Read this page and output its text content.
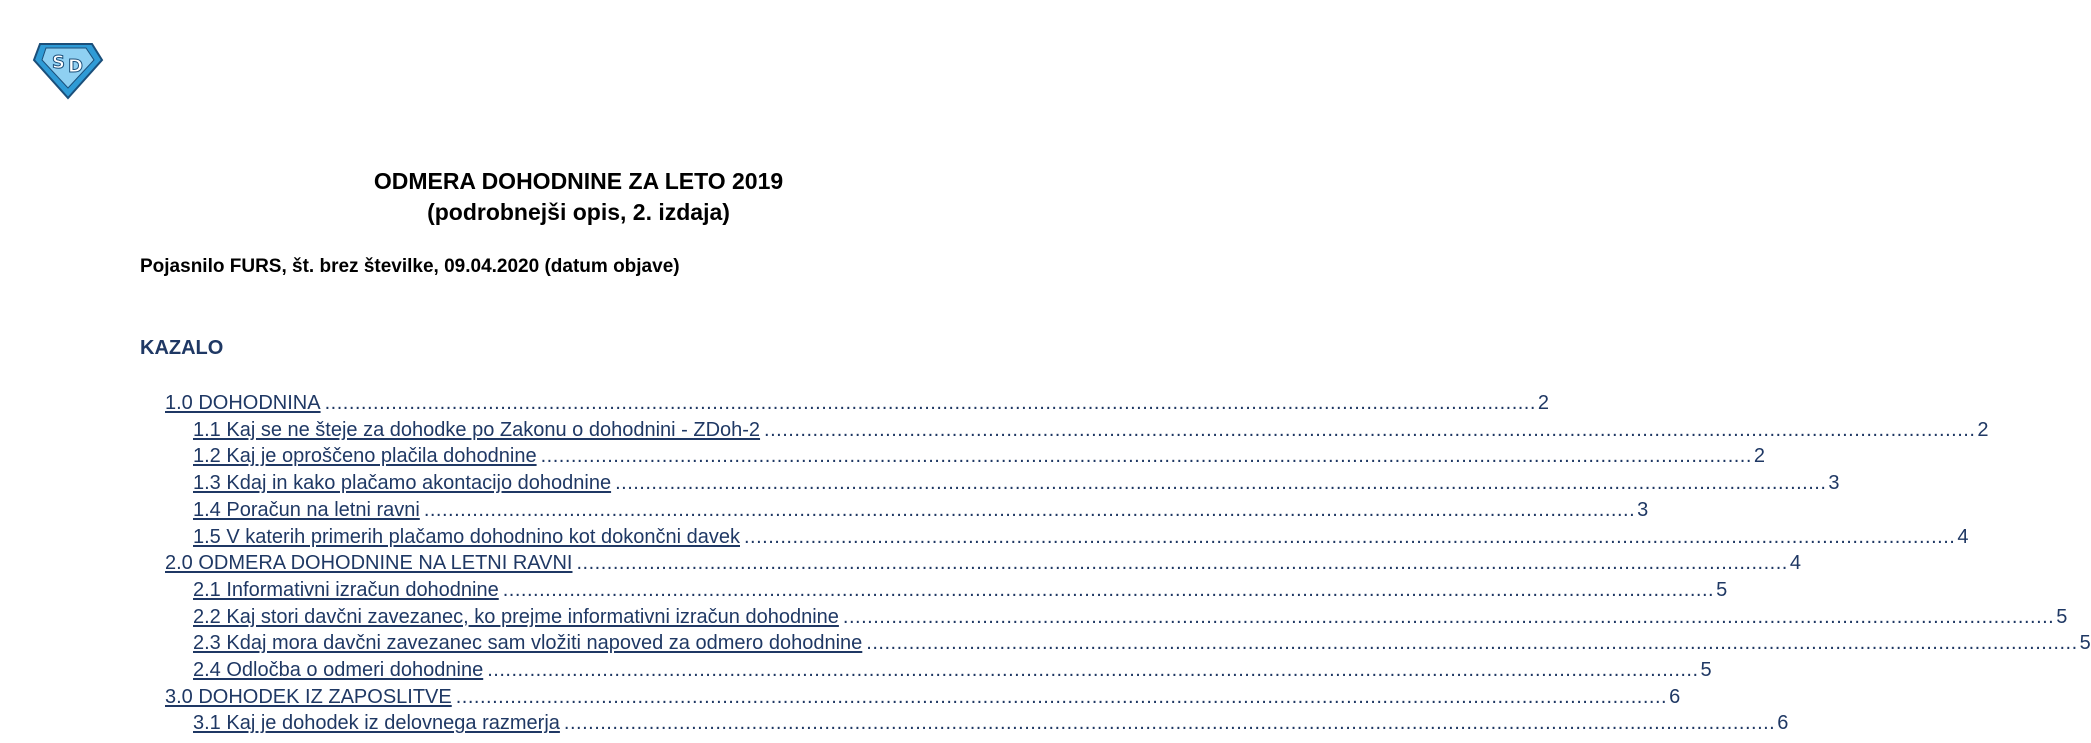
S D
ODMERA DOHODNINE ZA LETO 2019
(podrobnejši opis, 2. izdaja)

Pojasnilo FURS, št. brez številke, 09.04.2020 (datum objave)

KAZALO
1.0 DOHODNINA ........................................................................................................................................................................................................ 2
1.1 Kaj se ne šteje za dohodke po Zakonu o dohodnini - ZDoh-2 ........................................................................................................................................................................................................ 2
1.2 Kaj je oproščeno plačila dohodnine ........................................................................................................................................................................................................ 2
1.3 Kdaj in kako plačamo akontacijo dohodnine ........................................................................................................................................................................................................ 3
1.4 Poračun na letni ravni ........................................................................................................................................................................................................ 3
1.5 V katerih primerih plačamo dohodnino kot dokončni davek ........................................................................................................................................................................................................ 4
2.0 ODMERA DOHODNINE NA LETNI RAVNI ........................................................................................................................................................................................................ 4
2.1 Informativni izračun dohodnine ........................................................................................................................................................................................................ 5
2.2 Kaj stori davčni zavezanec, ko prejme informativni izračun dohodnine ........................................................................................................................................................................................................ 5
2.3 Kdaj mora davčni zavezanec sam vložiti napoved za odmero dohodnine ........................................................................................................................................................................................................ 5
2.4 Odločba o odmeri dohodnine ........................................................................................................................................................................................................ 5
3.0 DOHODEK IZ ZAPOSLITVE ........................................................................................................................................................................................................ 6
3.1 Kaj je dohodek iz delovnega razmerja ........................................................................................................................................................................................................ 6
